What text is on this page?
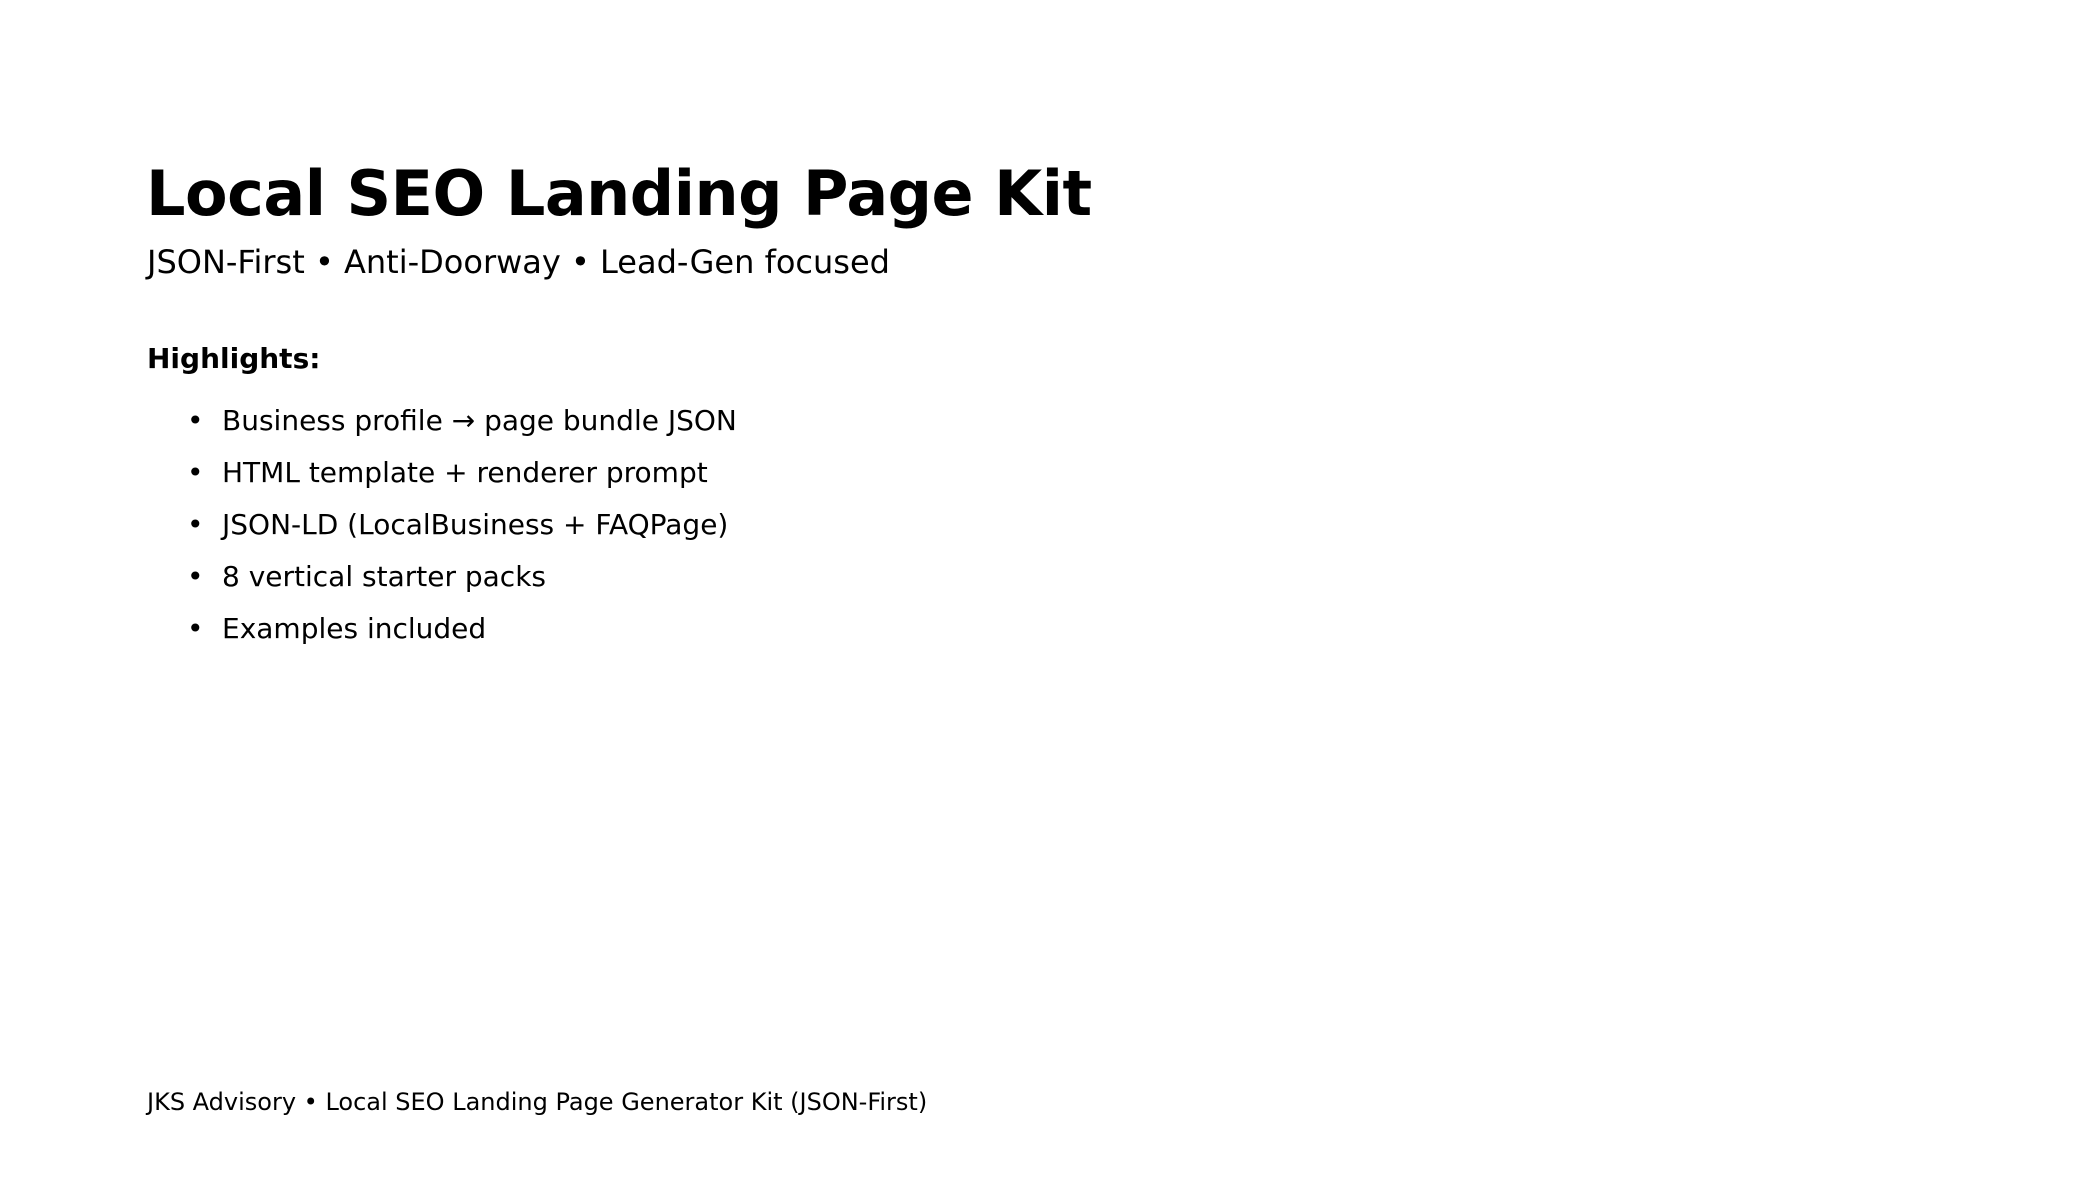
Local SEO Landing Page Kit
JSON-First • Anti-Doorway • Lead-Gen focused
Highlights:
• Business profile → page bundle JSON
• HTML template + renderer prompt
• JSON-LD (LocalBusiness + FAQPage)
• 8 vertical starter packs
• Examples included
JKS Advisory • Local SEO Landing Page Generator Kit (JSON-First)
